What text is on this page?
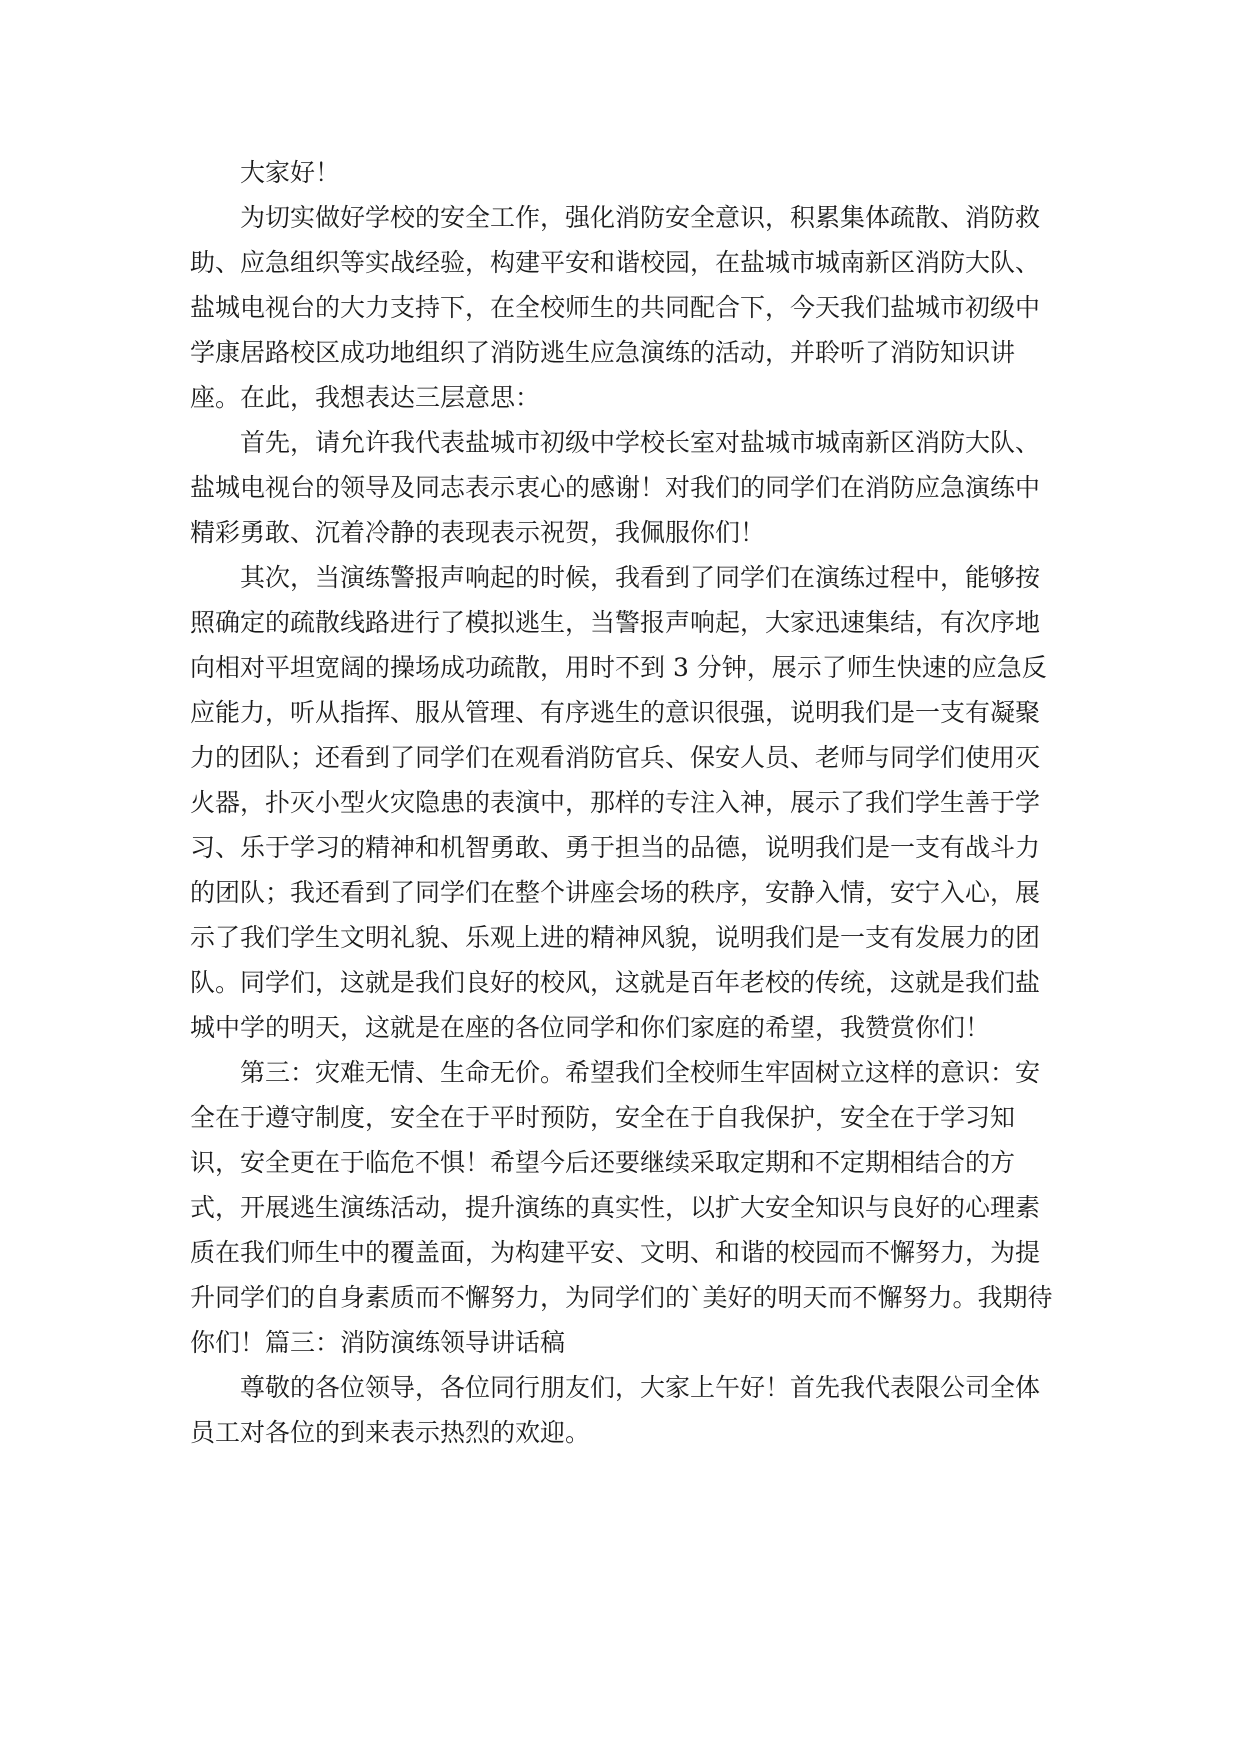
大家好！

为切实做好学校的安全工作，强化消防安全意识，积累集体疏散、消防救助、应急组织等实战经验，构建平安和谐校园，在盐城市城南新区消防大队、盐城电视台的大力支持下，在全校师生的共同配合下，今天我们盐城市初级中学康居路校区成功地组织了消防逃生应急演练的活动，并聆听了消防知识讲座。在此，我想表达三层意思：

首先，请允许我代表盐城市初级中学校长室对盐城市城南新区消防大队、盐城电视台的领导及同志表示衷心的感谢！对我们的同学们在消防应急演练中精彩勇敢、沉着冷静的表现表示祝贺，我佩服你们！

其次，当演练警报声响起的时候，我看到了同学们在演练过程中，能够按照确定的疏散线路进行了模拟逃生，当警报声响起，大家迅速集结，有次序地向相对平坦宽阔的操场成功疏散，用时不到 3 分钟，展示了师生快速的应急反应能力，听从指挥、服从管理、有序逃生的意识很强，说明我们是一支有凝聚力的团队；还看到了同学们在观看消防官兵、保安人员、老师与同学们使用灭火器，扑灭小型火灾隐患的表演中，那样的专注入神，展示了我们学生善于学习、乐于学习的精神和机智勇敢、勇于担当的品德，说明我们是一支有战斗力的团队；我还看到了同学们在整个讲座会场的秩序，安静入情，安宁入心，展示了我们学生文明礼貌、乐观上进的精神风貌，说明我们是一支有发展力的团队。同学们，这就是我们良好的校风，这就是百年老校的传统，这就是我们盐城中学的明天，这就是在座的各位同学和你们家庭的希望，我赞赏你们！

第三：灾难无情、生命无价。希望我们全校师生牢固树立这样的意识：安全在于遵守制度，安全在于平时预防，安全在于自我保护，安全在于学习知识，安全更在于临危不惧！希望今后还要继续采取定期和不定期相结合的方式，开展逃生演练活动，提升演练的真实性，以扩大安全知识与良好的心理素质在我们师生中的覆盖面，为构建平安、文明、和谐的校园而不懈努力，为提升同学们的自身素质而不懈努力，为同学们的`美好的明天而不懈努力。我期待你们！篇三：消防演练领导讲话稿

尊敬的各位领导，各位同行朋友们，大家上午好！首先我代表限公司全体员工对各位的到来表示热烈的欢迎。
